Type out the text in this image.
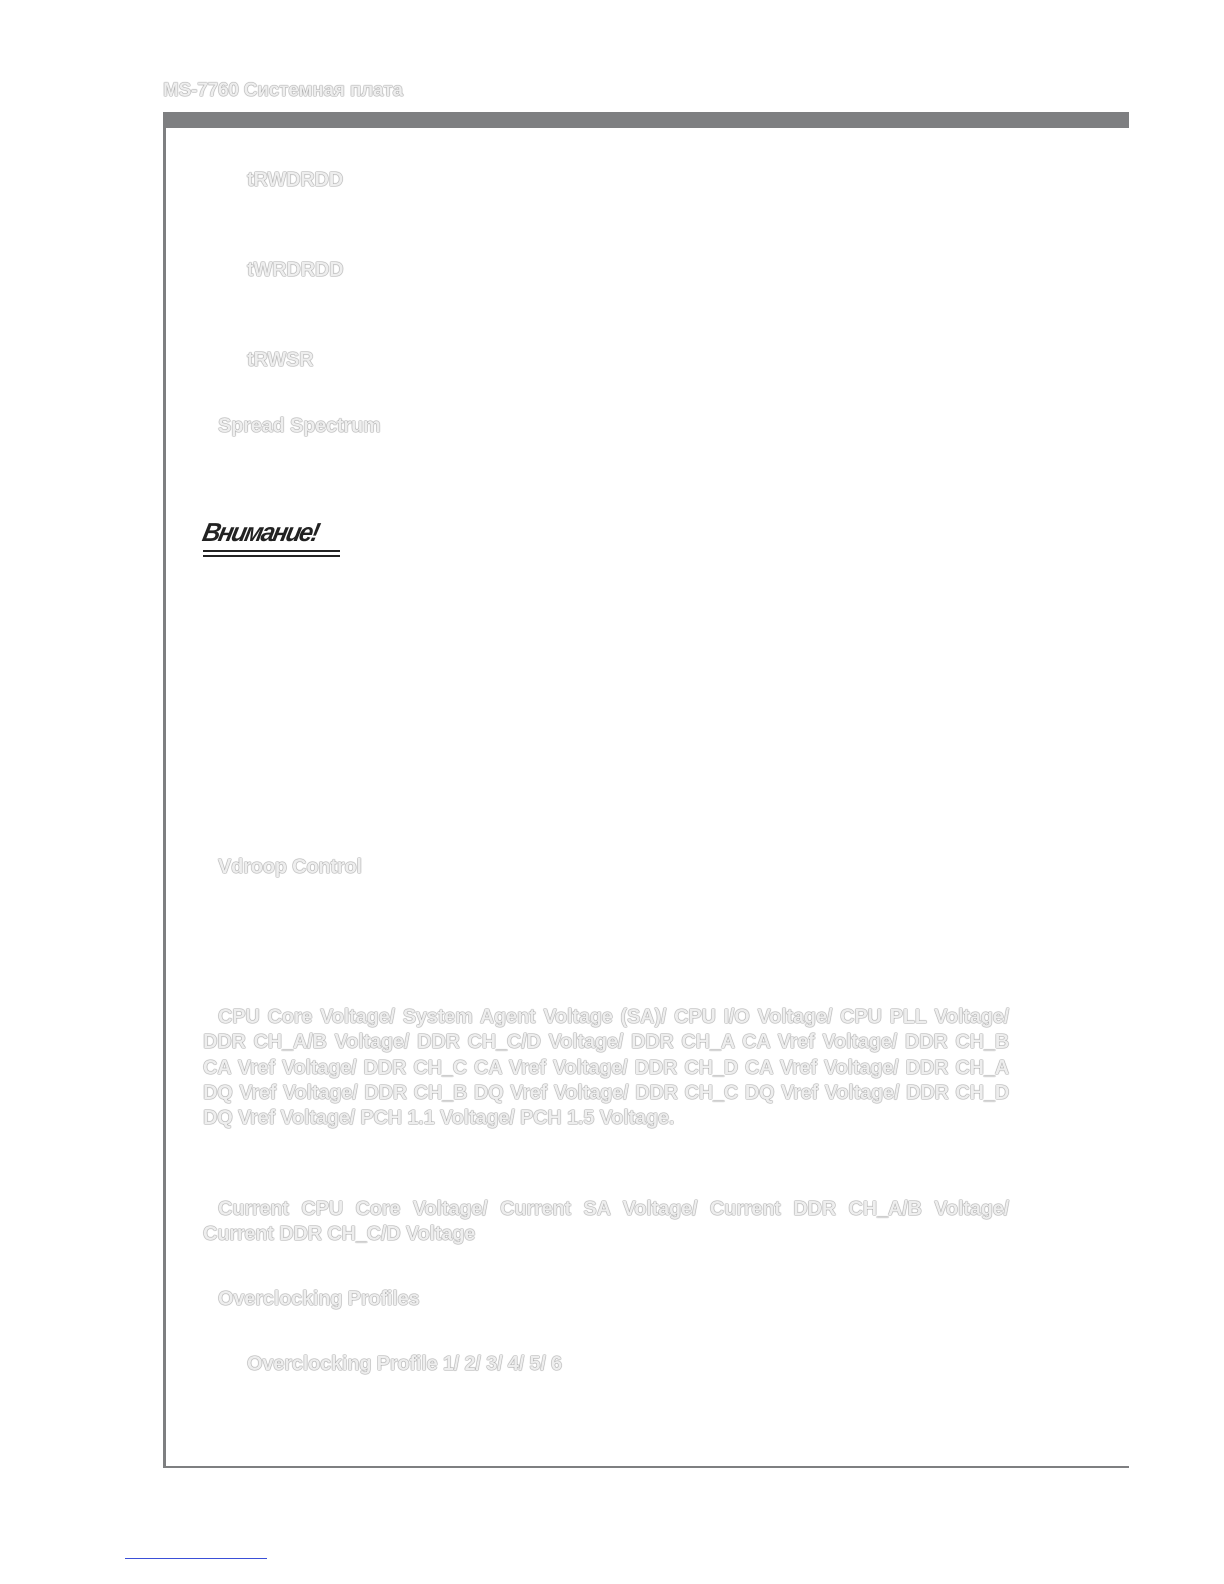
MS-7760 Системная плата
tRWDRDD
tWRDRDD
tRWSR
Spread Spectrum
Внимание!
Vdroop Control
CPU Core Voltage/ System Agent Voltage (SA)/ CPU I/O Voltage/ CPU PLL Voltage/ DDR CH_A/B Voltage/ DDR CH_C/D Voltage/ DDR CH_A CA Vref Voltage/ DDR CH_B CA Vref Voltage/ DDR CH_C CA Vref Voltage/ DDR CH_D CA Vref Voltage/ DDR CH_A DQ Vref Voltage/ DDR CH_B DQ Vref Voltage/ DDR CH_C DQ Vref Voltage/ DDR CH_D DQ Vref Voltage/ PCH 1.1 Voltage/ PCH 1.5 Voltage.
Current CPU Core Voltage/ Current SA Voltage/ Current DDR CH_A/B Voltage/ Current DDR CH_C/D Voltage
Overclocking Profiles
Overclocking Profile 1/ 2/ 3/ 4/ 5/ 6
